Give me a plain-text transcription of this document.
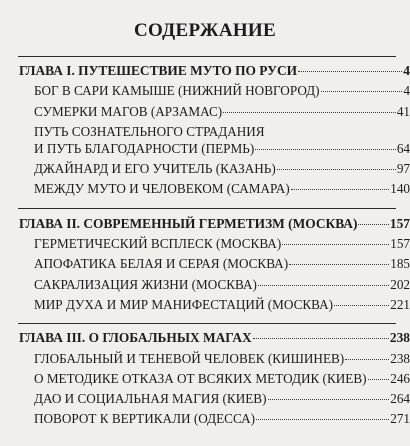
СОДЕРЖАНИЕ
ГЛАВА I. ПУТЕШЕСТВИЕ МУТО ПО РУСИ	4
БОГ В САРИ КАМЫШЕ (НИЖНИЙ НОВГОРОД)	4
СУМЕРКИ МАГОВ (АРЗАМАС)	41
ПУТЬ СОЗНАТЕЛЬНОГО СТРАДАНИЯ
И ПУТЬ БЛАГОДАРНОСТИ (ПЕРМЬ)	64
ДЖАЙНАРД И ЕГО УЧИТЕЛЬ (КАЗАНЬ)	97
МЕЖДУ МУТО И ЧЕЛОВЕКОМ (САМАРА)	140
ГЛАВА II. СОВРЕМЕННЫЙ ГЕРМЕТИЗМ (МОСКВА) 157
ГЕРМЕТИЧЕСКИЙ ВСПЛЕСК (МОСКВА)	157
АПОФАТИКА БЕЛАЯ И СЕРАЯ (МОСКВА)	185
САКРАЛИЗАЦИЯ ЖИЗНИ (МОСКВА)	202
МИР ДУХА И МИР МАНИФЕСТАЦИЙ (МОСКВА)	221
ГЛАВА III. О ГЛОБАЛЬНЫХ МАГАХ	238
ГЛОБАЛЬНЫЙ И ТЕНЕВОЙ ЧЕЛОВЕК (КИШИНЕВ)	238
О МЕТОДИКЕ ОТКАЗА ОТ ВСЯКИХ МЕТОДИК (КИЕВ) 246
ДАО И СОЦИАЛЬНАЯ МАГИЯ (КИЕВ)	264
ПОВОРОТ К ВЕРТИКАЛИ (ОДЕССА)	271
